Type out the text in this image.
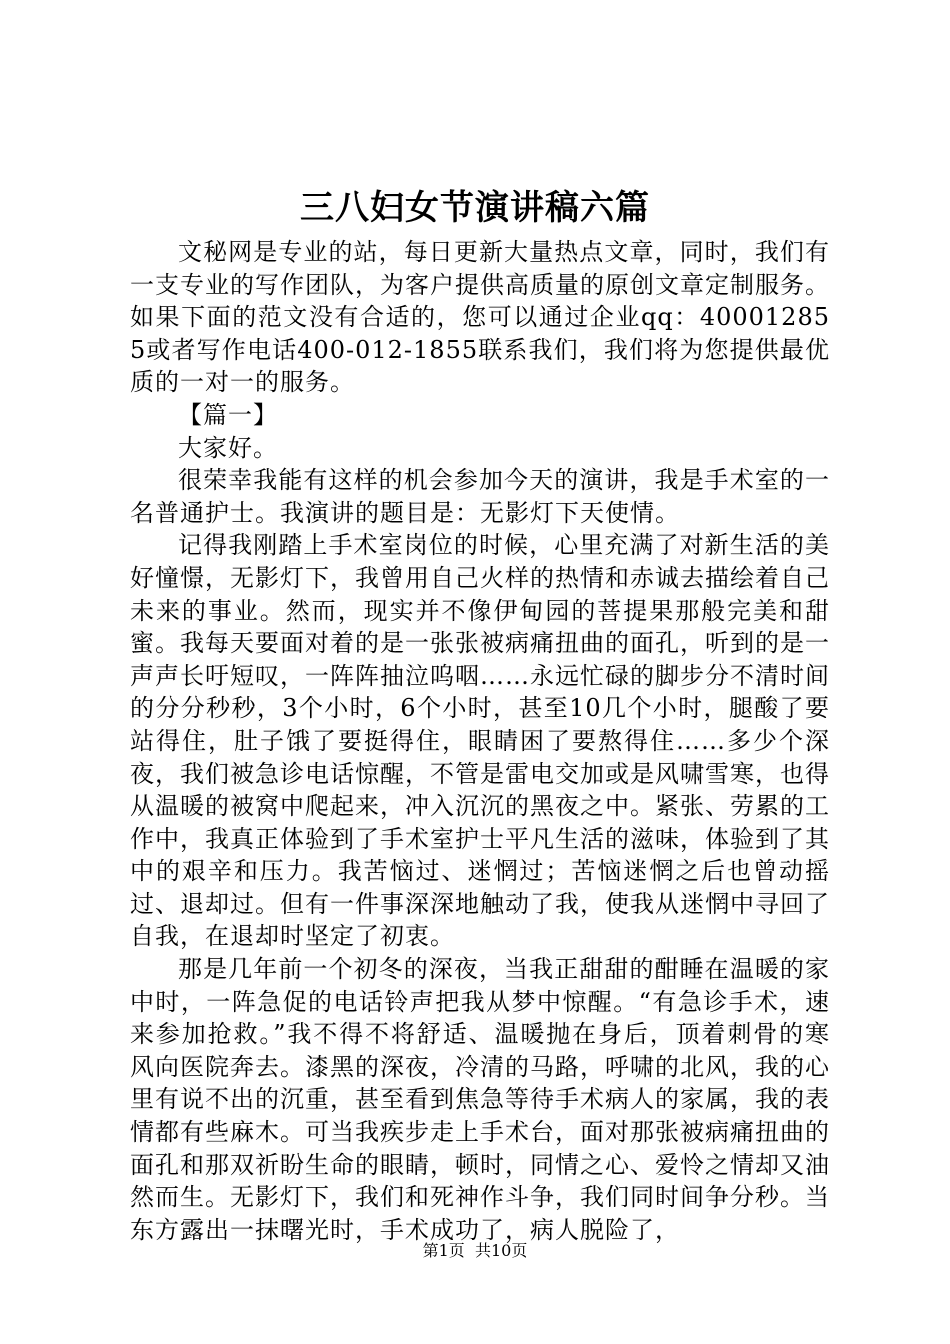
三八妇女节演讲稿六篇

文秘网是专业的站，每日更新大量热点文章，同时，我们有一支专业的写作团队，为客户提供高质量的原创文章定制服务。如果下面的范文没有合适的，您可以通过企业qq：400012855或者写作电话400-012-1855联系我们，我们将为您提供最优质的一对一的服务。

【篇一】

大家好。

很荣幸我能有这样的机会参加今天的演讲，我是手术室的一名普通护士。我演讲的题目是：无影灯下天使情。

记得我刚踏上手术室岗位的时候，心里充满了对新生活的美好憧憬，无影灯下，我曾用自己火样的热情和赤诚去描绘着自己未来的事业。然而，现实并不像伊甸园的菩提果那般完美和甜蜜。我每天要面对着的是一张张被病痛扭曲的面孔，听到的是一声声长吁短叹，一阵阵抽泣呜咽……永远忙碌的脚步分不清时间的分分秒秒，3个小时，6个小时，甚至10几个小时，腿酸了要站得住，肚子饿了要挺得住，眼睛困了要熬得住……多少个深夜，我们被急诊电话惊醒，不管是雷电交加或是风啸雪寒，也得从温暖的被窝中爬起来，冲入沉沉的黑夜之中。紧张、劳累的工作中，我真正体验到了手术室护士平凡生活的滋味，体验到了其中的艰辛和压力。我苦恼过、迷惘过；苦恼迷惘之后也曾动摇过、退却过。但有一件事深深地触动了我，使我从迷惘中寻回了自我，在退却时坚定了初衷。

那是几年前一个初冬的深夜，当我正甜甜的酣睡在温暖的家中时，一阵急促的电话铃声把我从梦中惊醒。“有急诊手术，速来参加抢救。”我不得不将舒适、温暖抛在身后，顶着刺骨的寒风向医院奔去。漆黑的深夜，冷清的马路，呼啸的北风，我的心里有说不出的沉重，甚至看到焦急等待手术病人的家属，我的表情都有些麻木。可当我疾步走上手术台，面对那张被病痛扭曲的面孔和那双祈盼生命的眼睛，顿时，同情之心、爱怜之情却又油然而生。无影灯下，我们和死神作斗争，我们同时间争分秒。当东方露出一抹曙光时，手术成功了，病人脱险了，

第1页 共10页
